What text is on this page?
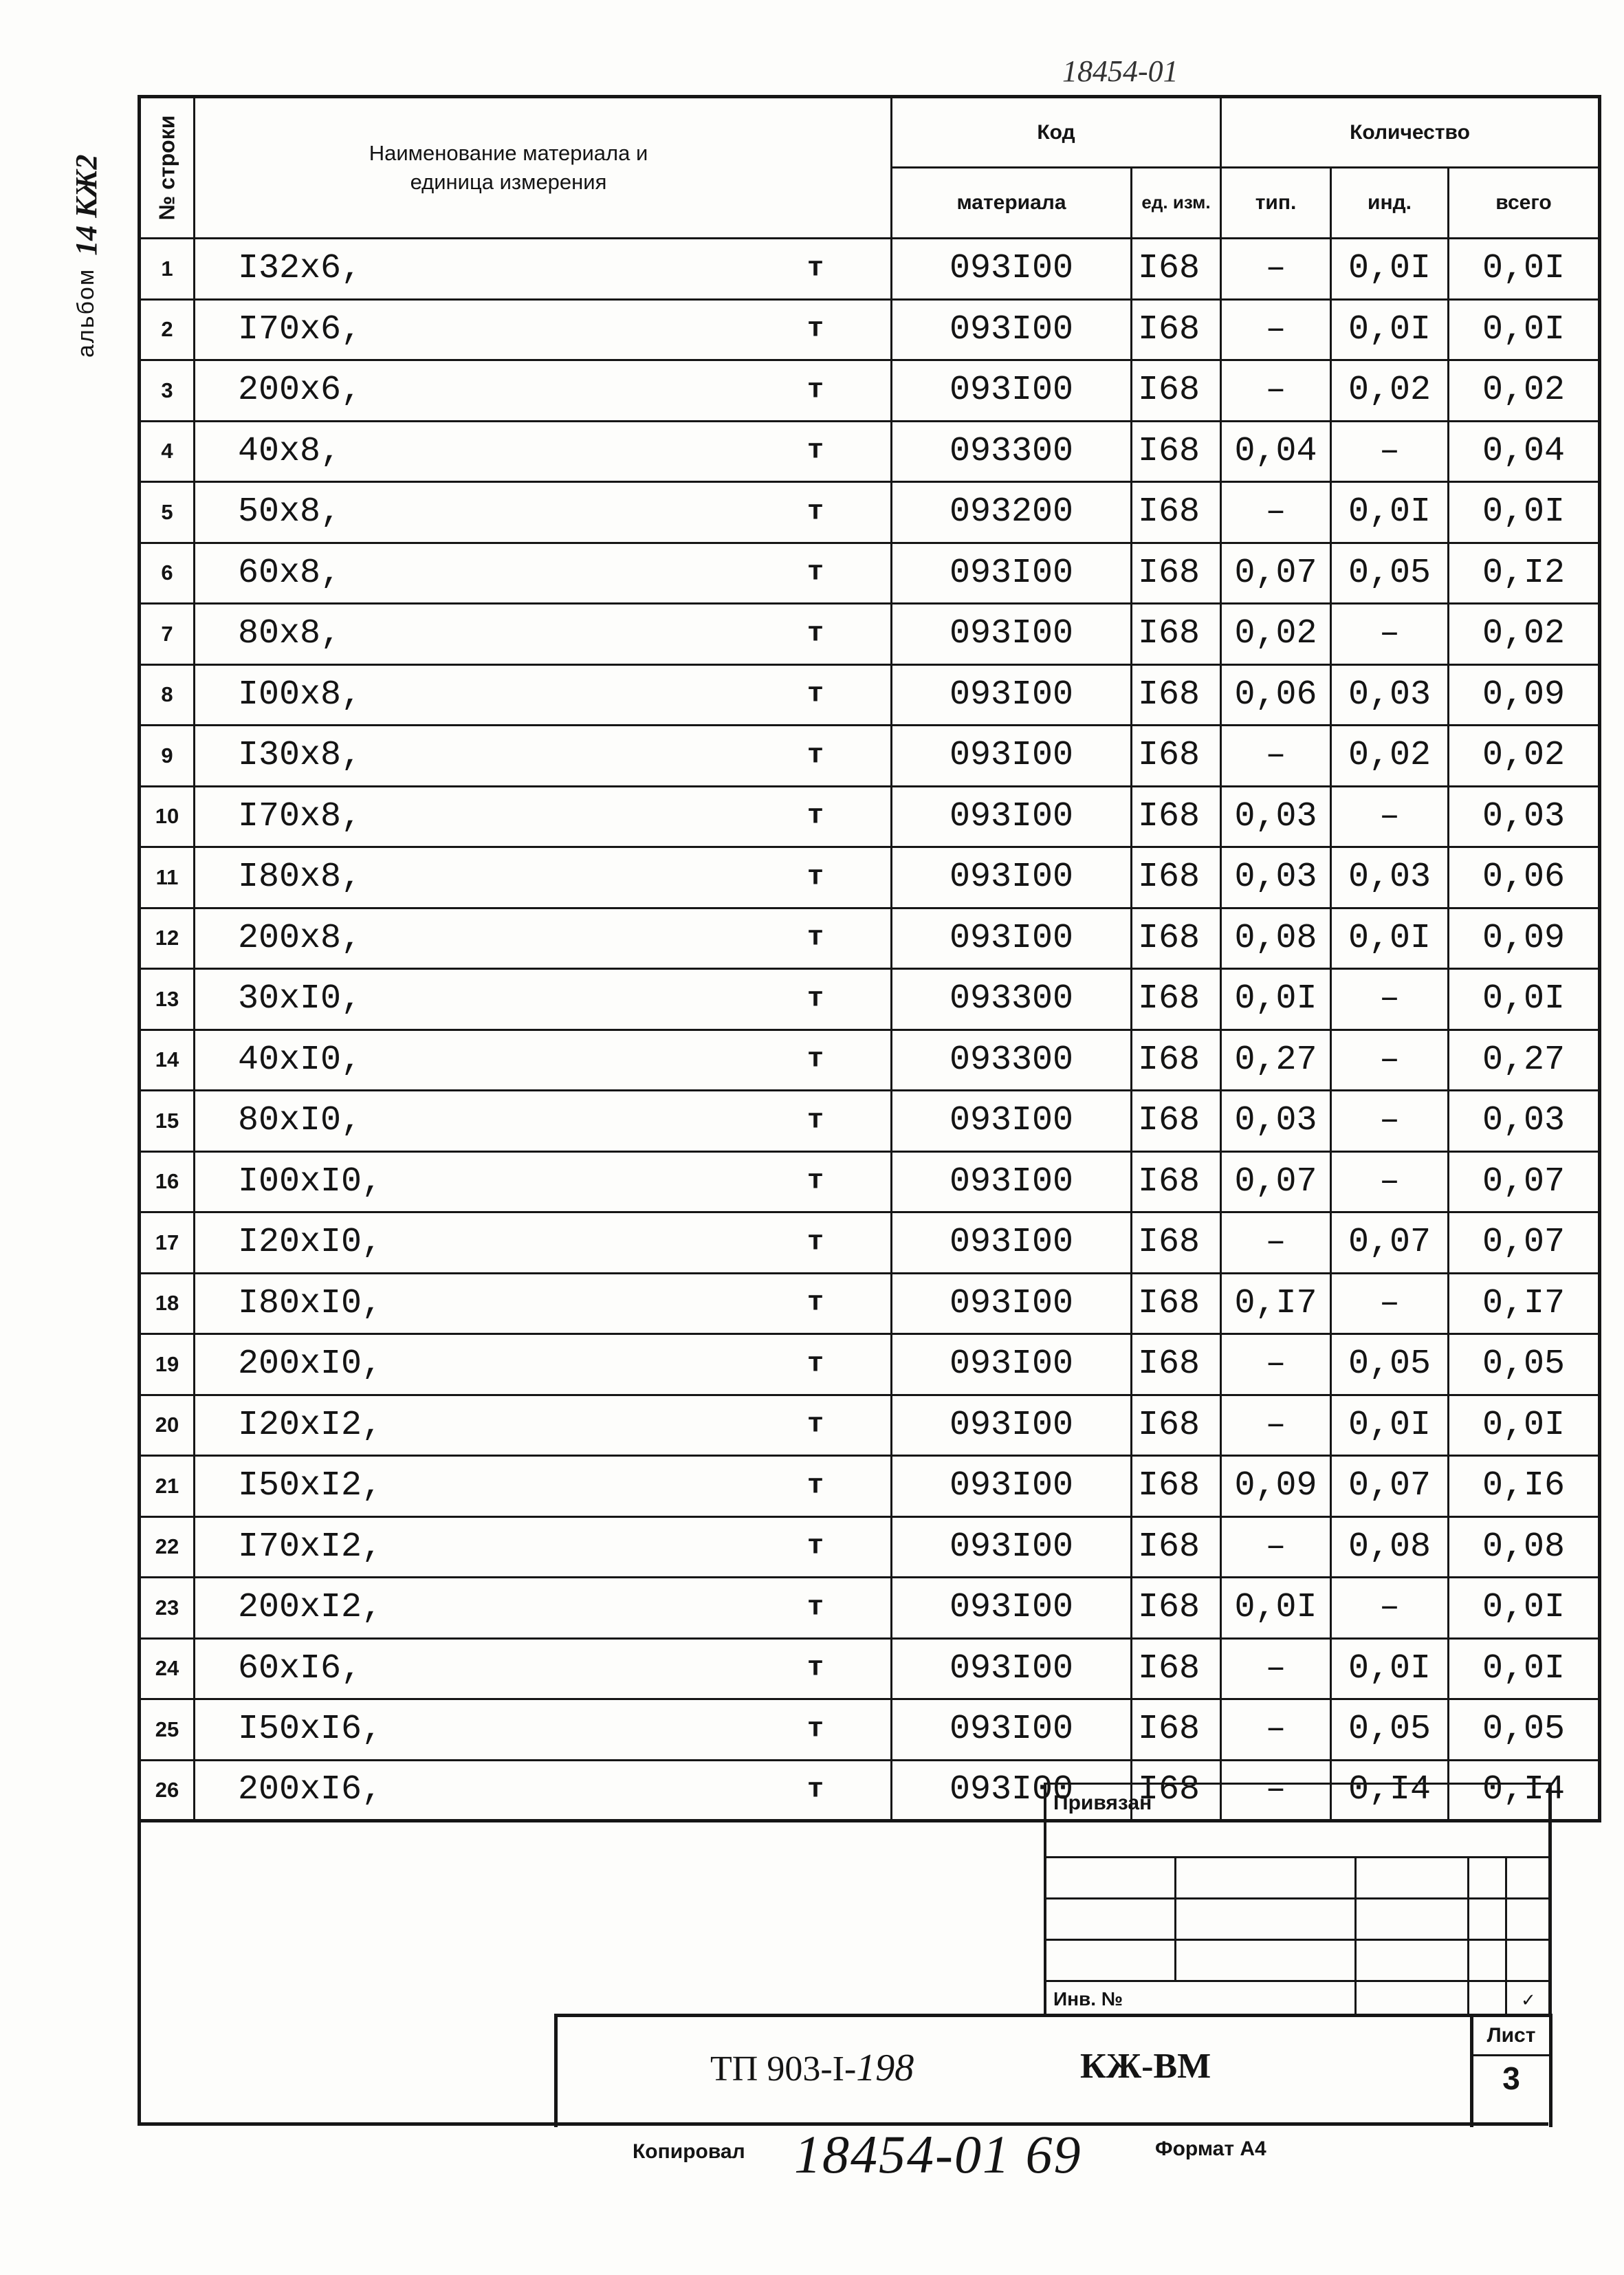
альбом
14 КЖ2
18454-01
№ строки	Наименование материала и единица измерения	Код		Количество		
		материала	ед. изм.	тип.	инд.	всего
1	I32x6, т	093I00	I68	–	0,0I	0,0I
2	I70x6, т	093I00	I68	–	0,0I	0,0I
3	200x6, т	093I00	I68	–	0,02	0,02
4	40x8, т	093300	I68	0,04	–	0,04
5	50x8, т	093200	I68	–	0,0I	0,0I
6	60x8, т	093I00	I68	0,07	0,05	0,I2
7	80x8, т	093I00	I68	0,02	–	0,02
8	I00x8, т	093I00	I68	0,06	0,03	0,09
9	I30x8, т	093I00	I68	–	0,02	0,02
10	I70x8, т	093I00	I68	0,03	–	0,03
11	I80x8, т	093I00	I68	0,03	0,03	0,06
12	200x8, т	093I00	I68	0,08	0,0I	0,09
13	30xI0, т	093300	I68	0,0I	–	0,0I
14	40xI0, т	093300	I68	0,27	–	0,27
15	80xI0, т	093I00	I68	0,03	–	0,03
16	I00xI0, т	093I00	I68	0,07	–	0,07
17	I20xI0, т	093I00	I68	–	0,07	0,07
18	I80xI0, т	093I00	I68	0,I7	–	0,I7
19	200xI0, т	093I00	I68	–	0,05	0,05
20	I20xI2, т	093I00	I68	–	0,0I	0,0I
21	I50xI2, т	093I00	I68	0,09	0,07	0,I6
22	I70xI2, т	093I00	I68	–	0,08	0,08
23	200xI2, т	093I00	I68	0,0I	–	0,0I
24	60xI6, т	093I00	I68	–	0,0I	0,0I
25	I50xI6, т	093I00	I68	–	0,05	0,05
26	200xI6, т	093I00	I68	–	0,I4	0,I4
Привязан
Инв. №	✓
ТП 903-I-198	КЖ-ВМ
Лист
3
Копировал 18454-01 69	Формат А4
